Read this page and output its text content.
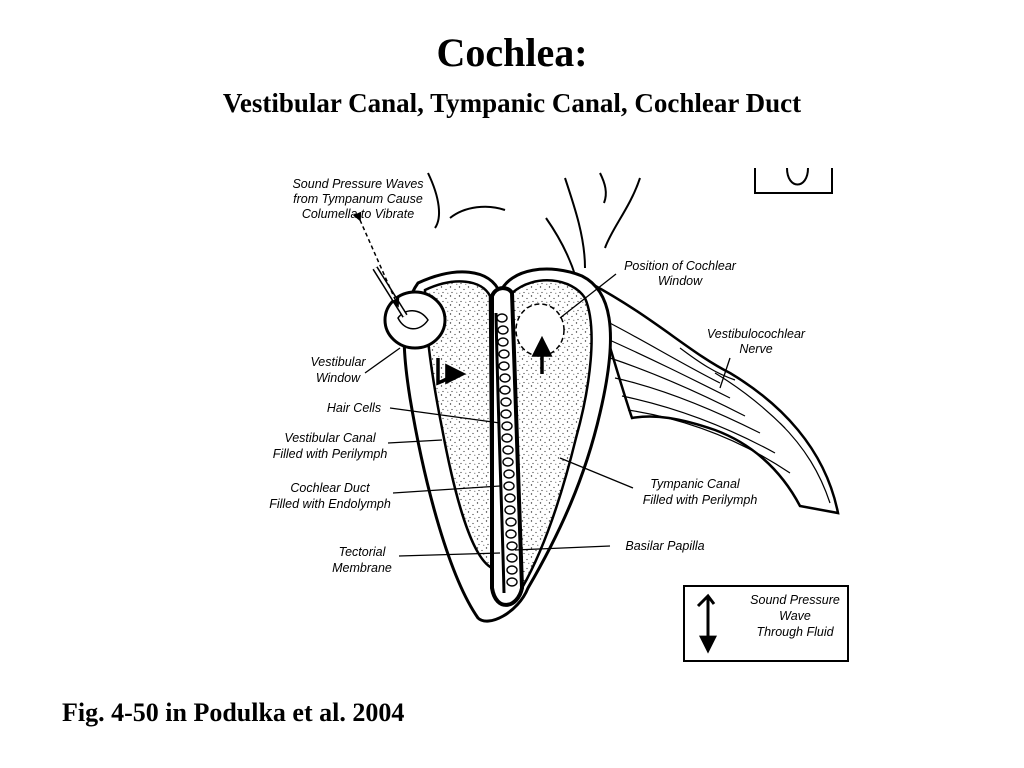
Cochlea:
Vestibular Canal, Tympanic Canal, Cochlear Duct
Sound Pressure Waves
from Tympanum Cause
Columella to Vibrate
Position of Cochlear
Window
Vestibulocochlear
Nerve
Vestibular
Window
Hair Cells
Vestibular Canal
Filled with Perilymph
Cochlear Duct
Filled with Endolymph
Tympanic Canal
Filled with Perilymph
Basilar Papilla
Tectorial
Membrane
Sound Pressure
Wave
Through Fluid
Fig. 4-50 in Podulka et al. 2004
